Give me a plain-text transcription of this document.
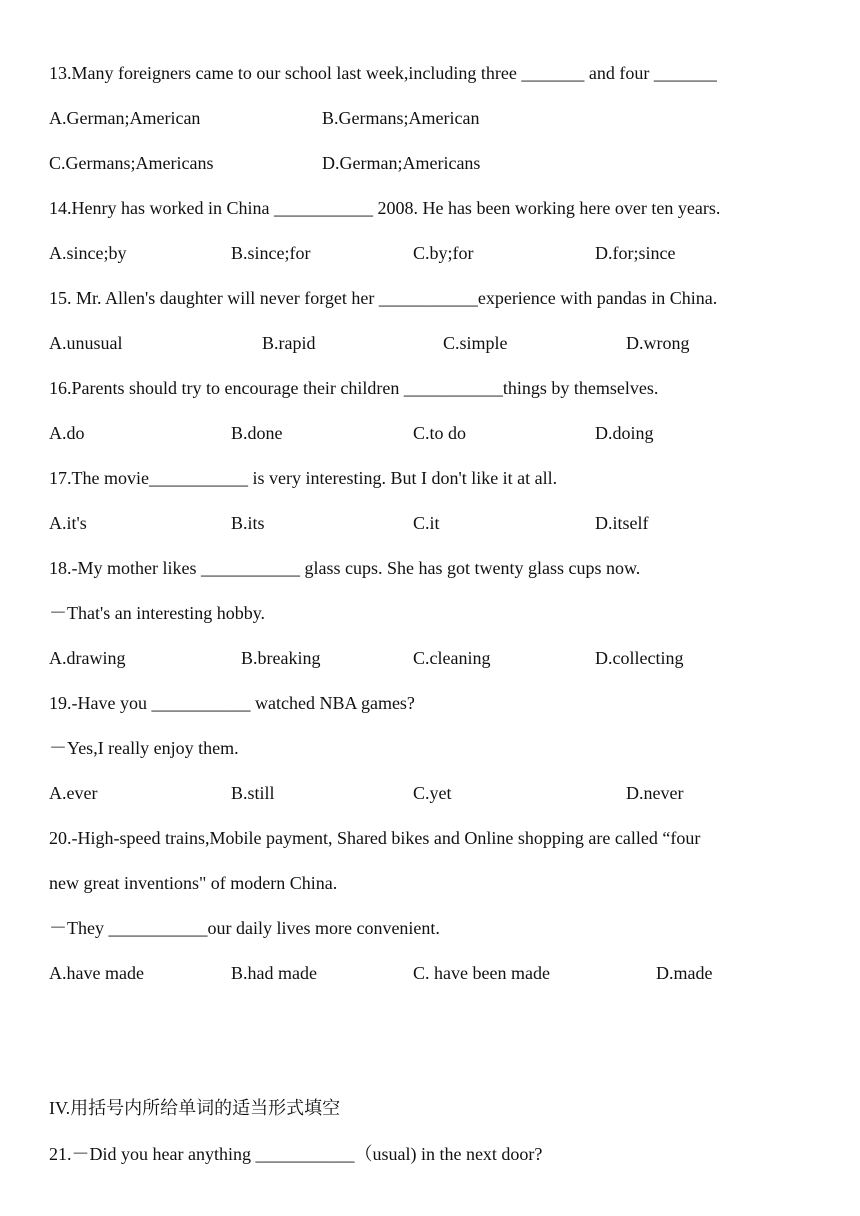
13.Many foreigners came to our school last week,including three _______ and four _______
A.German;American	B.Germans;American
C.Germans;Americans	D.German;Americans
14.Henry has worked in China ___________ 2008. He has been working here over ten years.
A.since;by	B.since;for	C.by;for	D.for;since
15. Mr. Allen's daughter will never forget her ___________experience with pandas in China.
A.unusual	B.rapid	C.simple	D.wrong
16.Parents should try to encourage their children ___________things by themselves.
A.do	B.done	C.to do	D.doing
17.The movie___________ is very interesting. But I don't like it at all.
A.it's	B.its	C.it	D.itself
18.-My mother likes ___________ glass cups. She has got twenty glass cups now.
－That's an interesting hobby.
A.drawing	B.breaking	C.cleaning	D.collecting
19.-Have you ___________ watched NBA games?
－Yes,I really enjoy them.
A.ever	B.still	C.yet	D.never
20.-High-speed trains,Mobile payment, Shared bikes and Online shopping are called “four
new great inventions" of modern China.
－They ___________our daily lives more convenient.
A.have made	B.had made	C. have been made	D.made
IV.用括号内所给单词的适当形式填空
21.－Did you hear anything ___________（usual) in the next door?
